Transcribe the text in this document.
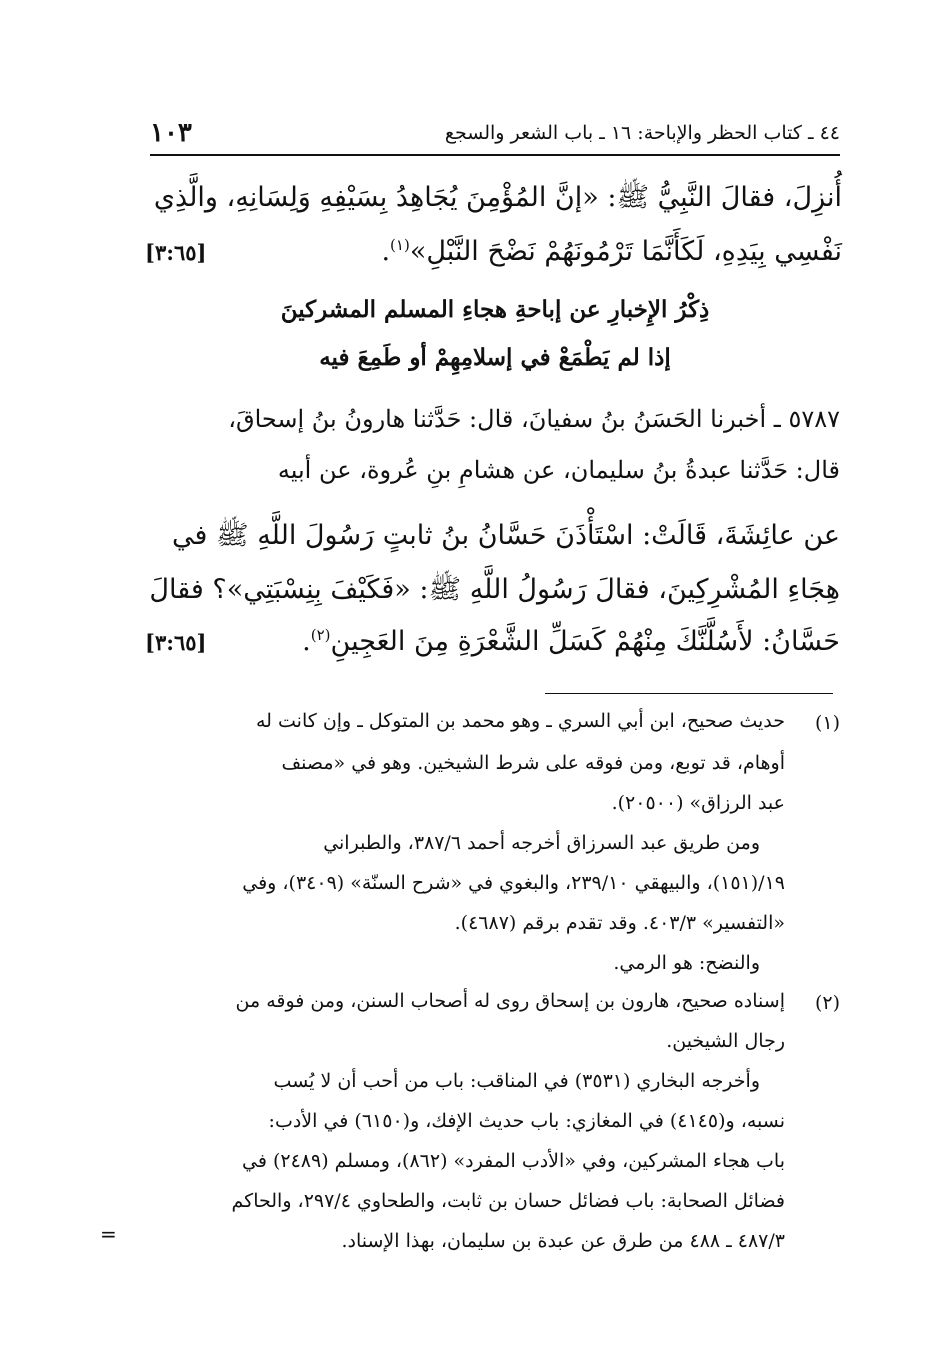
١٠٣	٤٤ ـ كتاب الحظر والإباحة: ١٦ ـ باب الشعر والسجع
أُنزِلَ، فقالَ النَّبِيُّ ﷺ: «إنَّ المُؤْمِنَ يُجَاهِدُ بِسَيْفِهِ وَلِسَانِهِ، والَّذِي
نَفْسِي بِيَدِهِ، لَكَأَنَّمَا تَرْمُونَهُمْ نَضْحَ النَّبْلِ»$^{(١)}$.
[٣:٦٥]
ذِكْرُ الإِخبارِ عن إباحةِ هجاءِ المسلم المشركينَ
إذا لم يَطْمَعْ في إسلامِهِمْ أو طَمِعَ فيه
٥٧٨٧ ـ أخبرنا الحَسَنُ بنُ سفيانَ، قال: حَدَّثنا هارونُ بنُ إسحاقَ،
قال: حَدَّثنا عبدةُ بنُ سليمان، عن هشامِ بنِ عُروة، عن أبيه
عن عائِشَةَ، قَالَتْ: اسْتَأْذَنَ حَسَّانُ بنُ ثابتٍ رَسُولَ اللَّهِ ﷺ في
هِجَاءِ المُشْرِكِينَ، فقالَ رَسُولُ اللَّهِ ﷺ: «فَكَيْفَ بِنِسْبَتِي»؟ فقالَ
حَسَّانُ: لأَسُلَّنَّكَ مِنْهُمْ كَسَلِّ الشَّعْرَةِ مِنَ العَجِينِ$^{(٢)}$.
[٣:٦٥]
(١)
حديث صحيح، ابن أبي السري ـ وهو محمد بن المتوكل ـ وإن كانت له
أوهام، قد توبع، ومن فوقه على شرط الشيخين. وهو في «مصنف
عبد الرزاق» (٢٠٥٠٠).
ومن طريق عبد السرزاق أخرجه أحمد ٣٨٧/٦، والطبراني
١٩/(١٥١)، والبيهقي ٢٣٩/١٠، والبغوي في «شرح السنّة» (٣٤٠٩)، وفي
«التفسير» ٤٠٣/٣. وقد تقدم برقم (٤٦٨٧).
والنضح: هو الرمي.
(٢)
إسناده صحيح، هارون بن إسحاق روى له أصحاب السنن، ومن فوقه من
رجال الشيخين.
وأخرجه البخاري (٣٥٣١) في المناقب: باب من أحب أن لا يُسب
نسبه، و(٤١٤٥) في المغازي: باب حديث الإفك، و(٦١٥٠) في الأدب:
باب هجاء المشركين، وفي «الأدب المفرد» (٨٦٢)، ومسلم (٢٤٨٩) في
فضائل الصحابة: باب فضائل حسان بن ثابت، والطحاوي ٢٩٧/٤، والحاكم
٤٨٧/٣ ـ ٤٨٨ من طرق عن عبدة بن سليمان، بهذا الإسناد.
=
